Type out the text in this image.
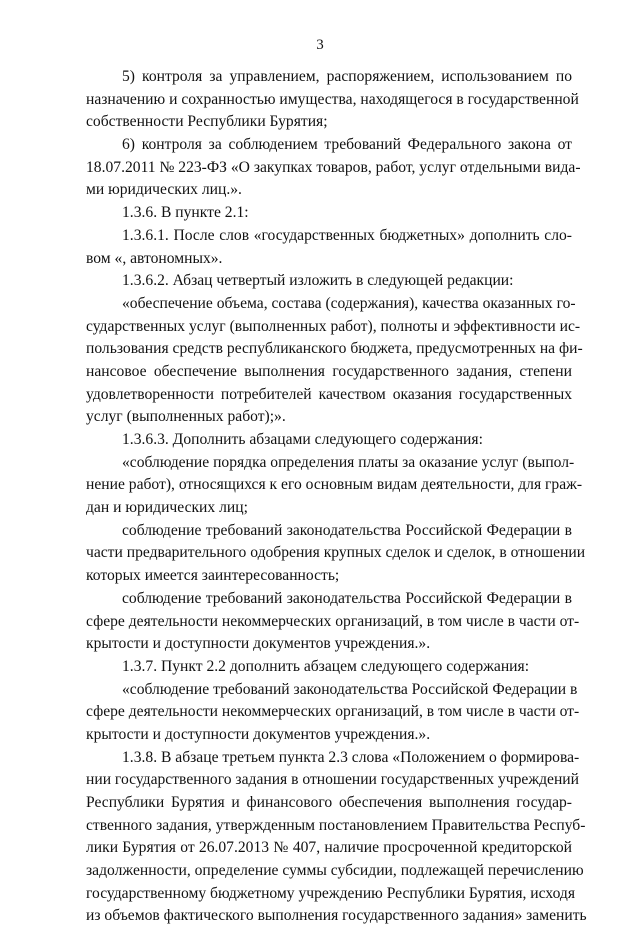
3
5) контроля за управлением, распоряжением, использованием по
назначению и сохранностью имущества, находящегося в государственной
собственности Республики Бурятия;
6) контроля за соблюдением требований Федерального закона от
18.07.2011 № 223-ФЗ «О закупках товаров, работ, услуг отдельными вида-
ми юридических лиц.».
1.3.6. В пункте 2.1:
1.3.6.1. После слов «государственных бюджетных» дополнить сло-
вом «, автономных».
1.3.6.2. Абзац четвертый изложить в следующей редакции:
«обеспечение объема, состава (содержания), качества оказанных го-
сударственных услуг (выполненных работ), полноты и эффективности ис-
пользования средств республиканского бюджета, предусмотренных на фи-
нансовое обеспечение выполнения государственного задания, степени
удовлетворенности потребителей качеством оказания государственных
услуг (выполненных работ);».
1.3.6.3. Дополнить абзацами следующего содержания:
«соблюдение порядка определения платы за оказание услуг (выпол-
нение работ), относящихся к его основным видам деятельности, для граж-
дан и юридических лиц;
соблюдение требований законодательства Российской Федерации в
части предварительного одобрения крупных сделок и сделок, в отношении
которых имеется заинтересованность;
соблюдение требований законодательства Российской Федерации в
сфере деятельности некоммерческих организаций, в том числе в части от-
крытости и доступности документов учреждения.».
1.3.7. Пункт 2.2 дополнить абзацем следующего содержания:
«соблюдение требований законодательства Российской Федерации в
сфере деятельности некоммерческих организаций, в том числе в части от-
крытости и доступности документов учреждения.».
1.3.8. В абзаце третьем пункта 2.3 слова «Положением о формирова-
нии государственного задания в отношении государственных учреждений
Республики Бурятия и финансового обеспечения выполнения государ-
ственного задания, утвержденным постановлением Правительства Респуб-
лики Бурятия от 26.07.2013 № 407, наличие просроченной кредиторской
задолженности, определение суммы субсидии, подлежащей перечислению
государственному бюджетному учреждению Республики Бурятия, исходя
из объемов фактического выполнения государственного задания» заменить
